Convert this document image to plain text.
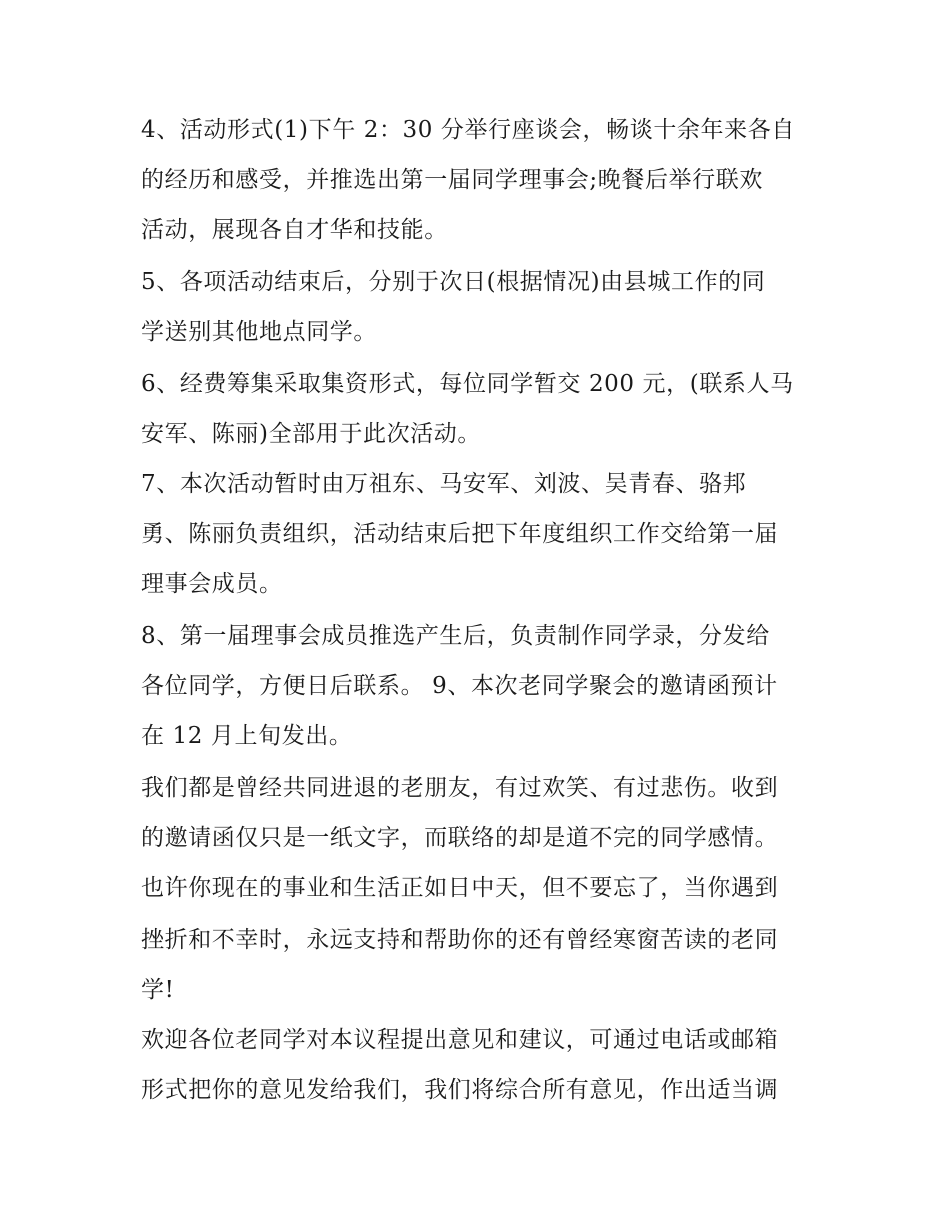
4、活动形式(1)下午 2：30 分举行座谈会，畅谈十余年来各自
的经历和感受，并推选出第一届同学理事会;晚餐后举行联欢
活动，展现各自才华和技能。
5、各项活动结束后，分别于次日(根据情况)由县城工作的同
学送别其他地点同学。
6、经费筹集采取集资形式，每位同学暂交 200 元，(联系人马
安军、陈丽)全部用于此次活动。
7、本次活动暂时由万祖东、马安军、刘波、吴青春、骆邦
勇、陈丽负责组织，活动结束后把下年度组织工作交给第一届
理事会成员。
8、第一届理事会成员推选产生后，负责制作同学录，分发给
各位同学，方便日后联系。 9、本次老同学聚会的邀请函预计
在 12 月上旬发出。
我们都是曾经共同进退的老朋友，有过欢笑、有过悲伤。收到
的邀请函仅只是一纸文字，而联络的却是道不完的同学感情。
也许你现在的事业和生活正如日中天，但不要忘了，当你遇到
挫折和不幸时，永远支持和帮助你的还有曾经寒窗苦读的老同
学!
欢迎各位老同学对本议程提出意见和建议，可通过电话或邮箱
形式把你的意见发给我们，我们将综合所有意见，作出适当调
